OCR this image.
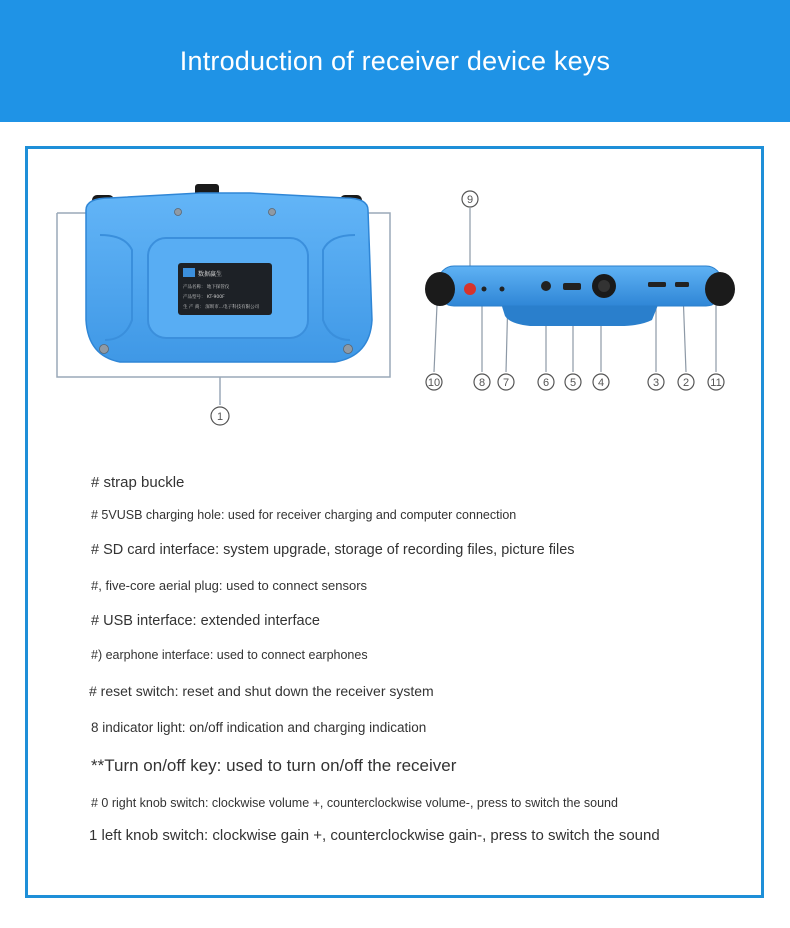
Introduction of receiver device keys
数据赢生
产品名称： 地下探管仪
产品型号： KT-900F
生 产 商： 深圳市...电子科技有限公司
1
9
10	8 7	6 5 4	3 2 11
# strap buckle
# 5VUSB charging hole: used for receiver charging and computer connection
# SD card interface: system upgrade, storage of recording files, picture files
#, five-core aerial plug: used to connect sensors
# USB interface: extended interface
#) earphone interface: used to connect earphones
# reset switch: reset and shut down the receiver system
8 indicator light: on/off indication and charging indication
**Turn on/off key: used to turn on/off the receiver
# 0 right knob switch: clockwise volume +, counterclockwise volume-, press to switch the sound
1 left knob switch: clockwise gain +, counterclockwise gain-, press to switch the sound
